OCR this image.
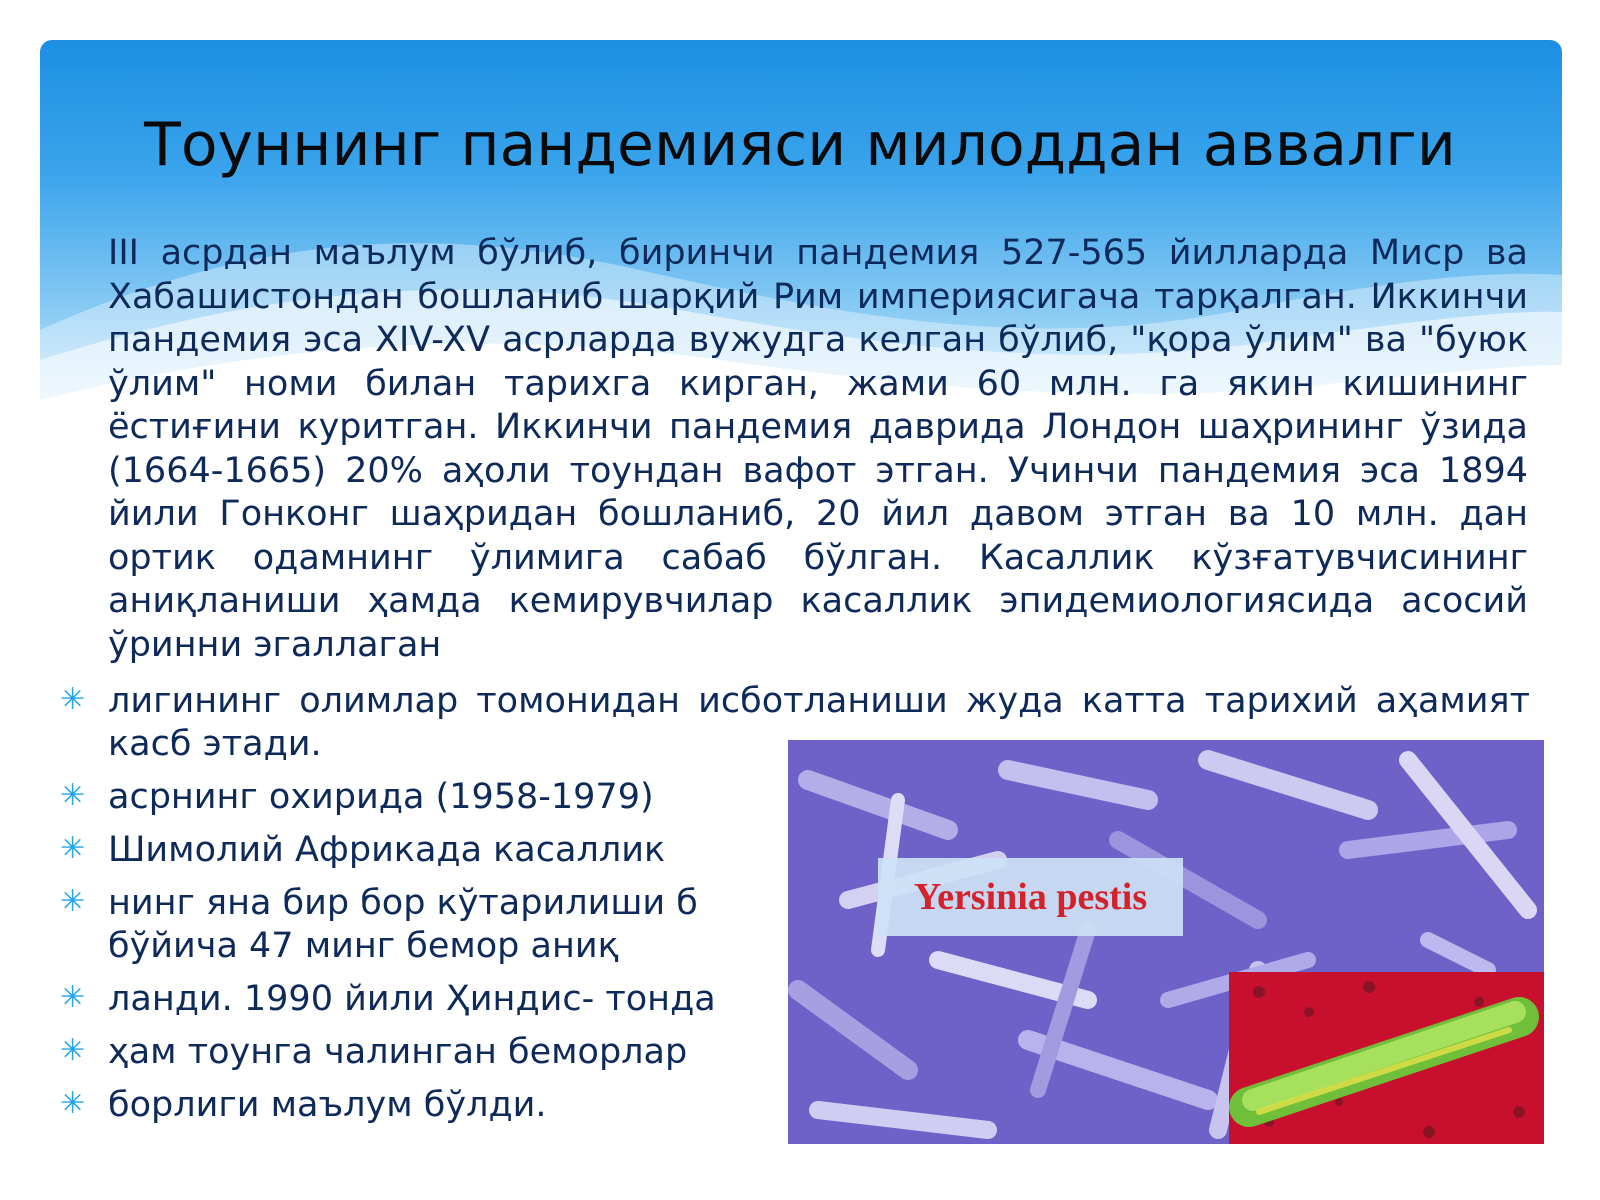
Тоуннинг пандемияси милоддан аввалги
III асрдан маълум бўлиб, биринчи пандемия 527-565 йилларда Миср ва Хабашистондан бошланиб шарқий Рим империясигача тарқалган. Иккинчи пандемия эса XIV-XV асрларда вужудга келган бўлиб, "қора ўлим" ва "буюк ўлим" номи билан тарихга кирган, жами 60 млн. га якин кишининг ёстиғини куритган. Иккинчи пандемия даврида Лондон шаҳрининг ўзида (1664-1665) 20% аҳоли тоундан вафот этган. Учинчи пандемия эса 1894 йили Гонконг шаҳридан бошланиб, 20 йил давом этган ва 10 млн. дан ортик одамнинг ўлимига сабаб бўлган. Касаллик кўзғатувчисининг аниқланиши ҳамда кемирувчилар касаллик эпидемиологиясида асосий ўринни эгаллаган
✳ лигининг олимлар томонидан исботланиши жуда катта тарихий аҳамият касб этади.
✳ асрнинг охирида (1958-1979)
✳ Шимолий Африкада касаллик
✳ нинг яна бир бор кўтарилиши б
бўйича 47 минг бемор аниқ
✳ ланди. 1990 йили Ҳиндис- тонда
✳ ҳам тоунга чалинган беморлар
✳ борлиги маълум бўлди.
Yersinia pestis
